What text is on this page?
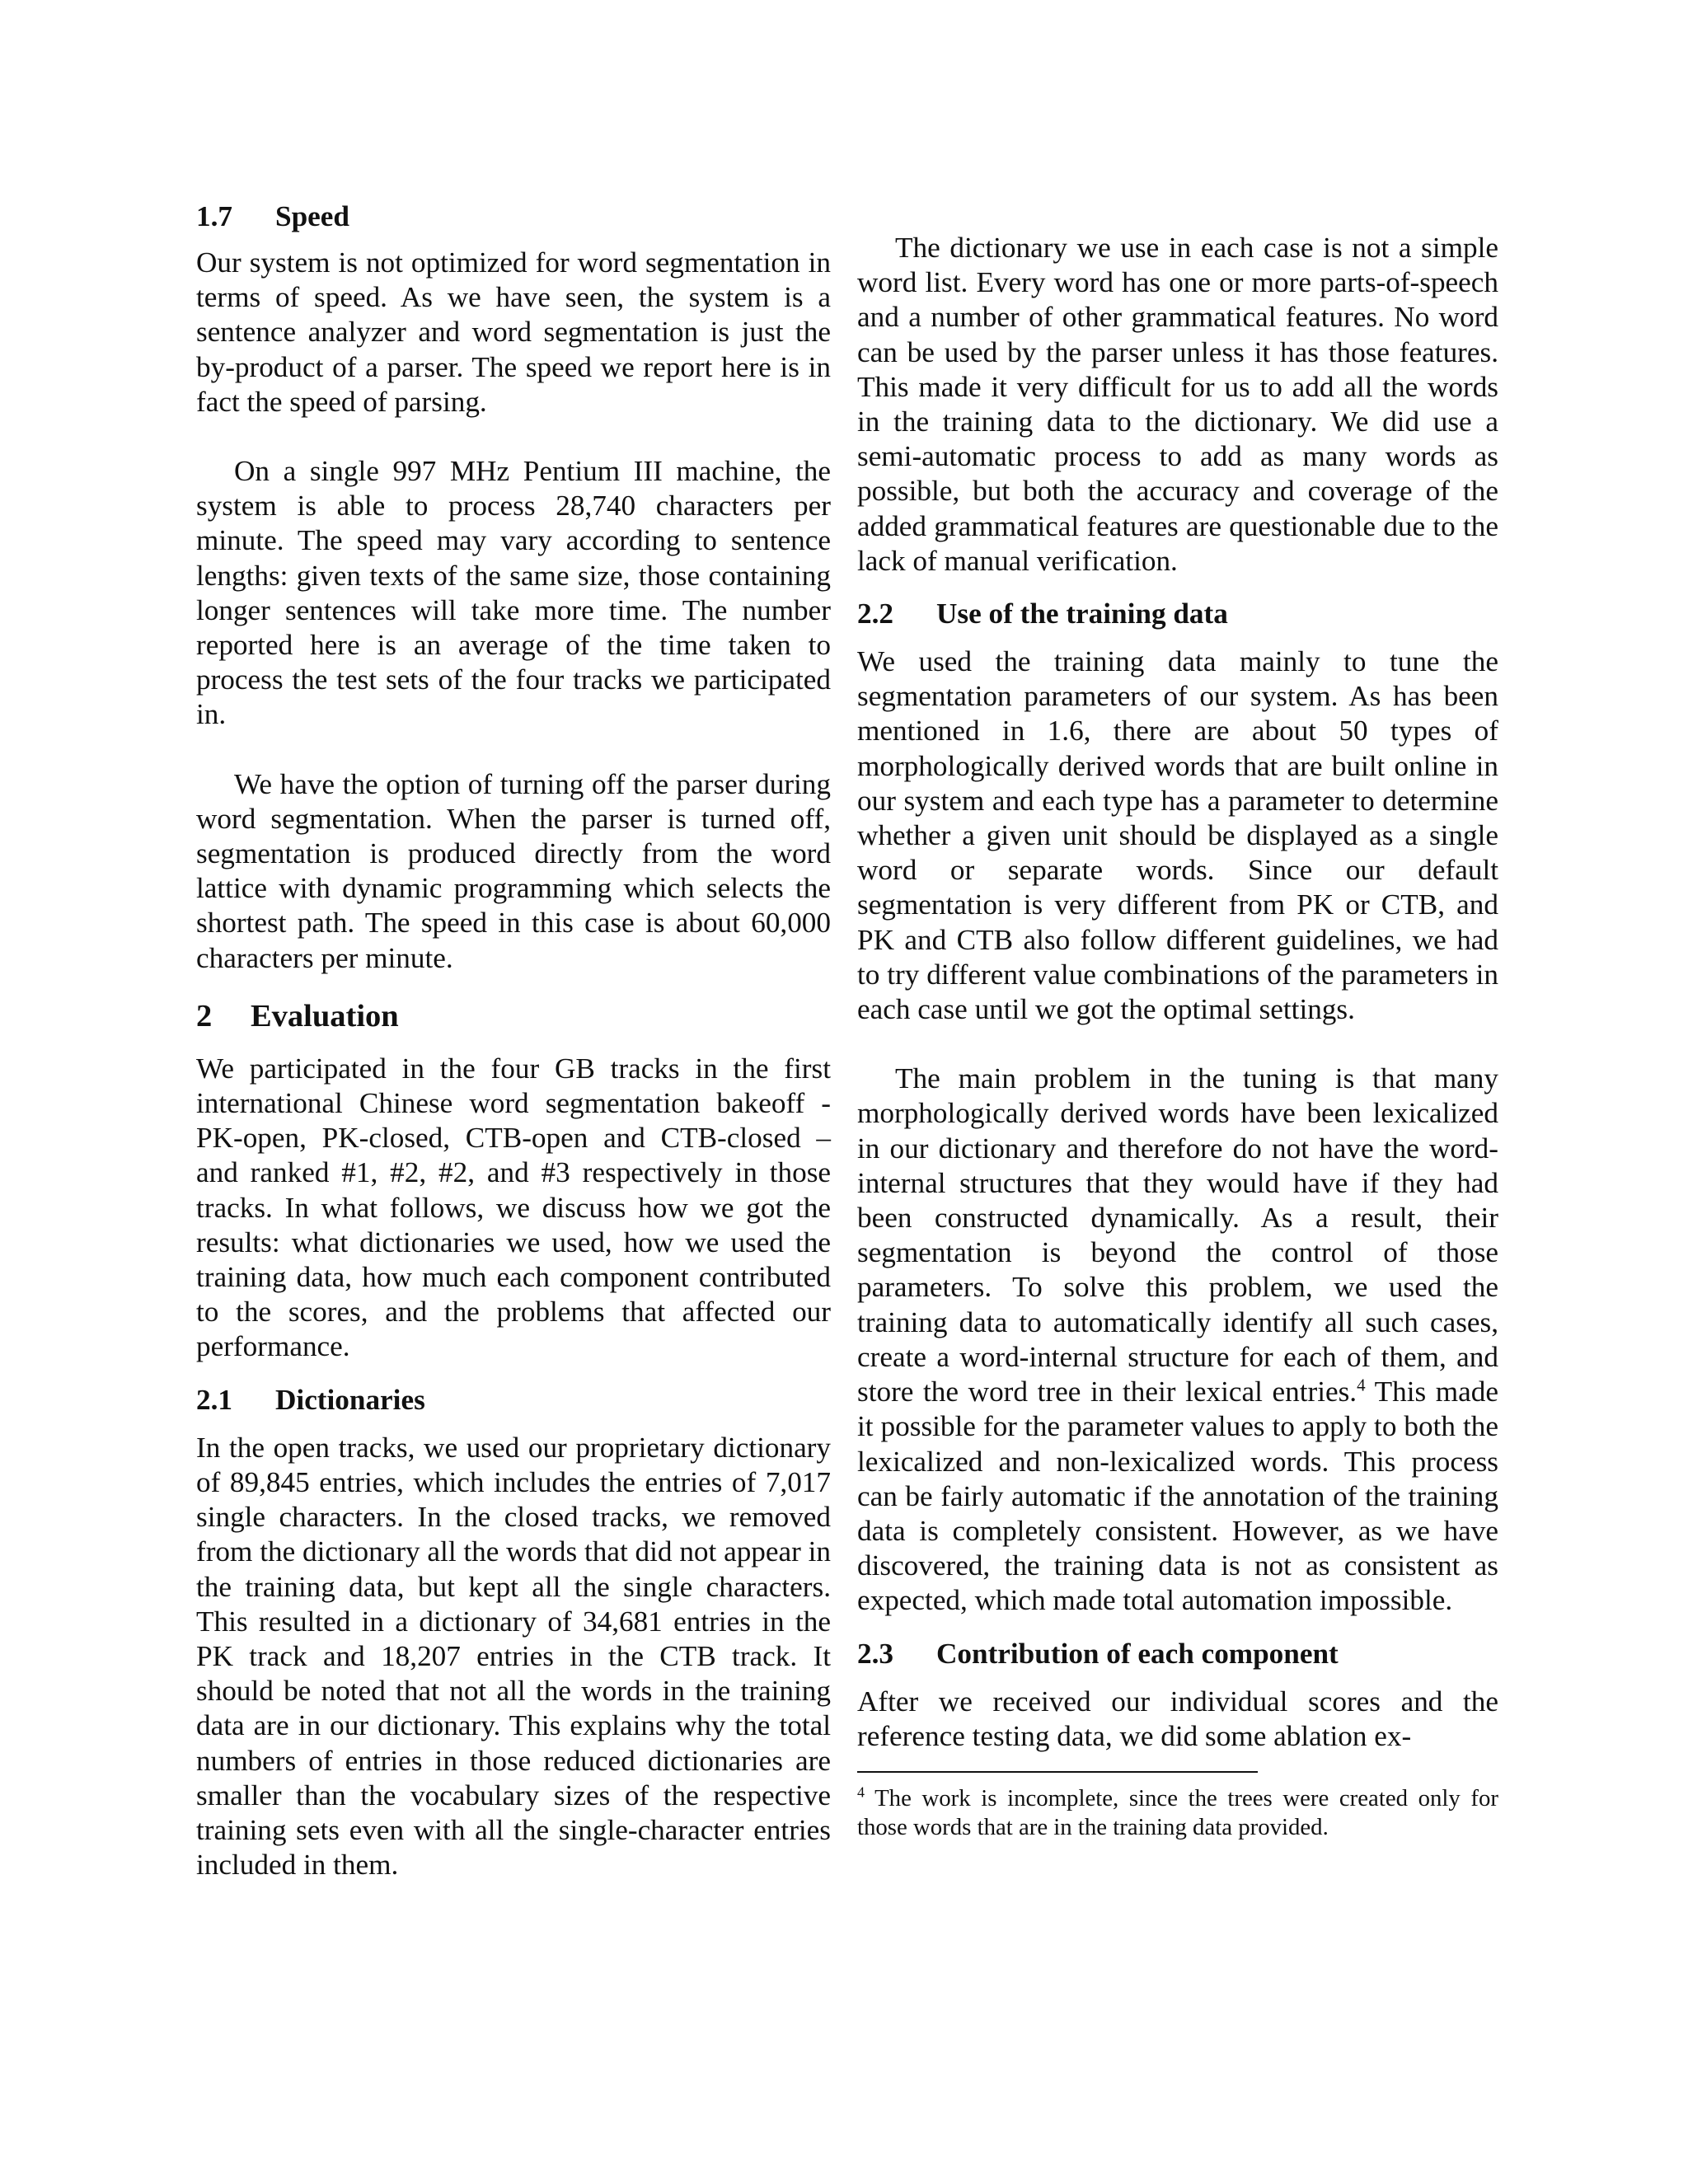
1.7 Speed

Our system is not optimized for word segmentation in terms of speed. As we have seen, the system is a sentence analyzer and word segmentation is just the by-product of a parser. The speed we report here is in fact the speed of parsing.

On a single 997 MHz Pentium III machine, the system is able to process 28,740 characters per minute. The speed may vary according to sentence lengths: given texts of the same size, those containing longer sentences will take more time. The number reported here is an average of the time taken to process the test sets of the four tracks we participated in.

We have the option of turning off the parser during word segmentation. When the parser is turned off, segmentation is produced directly from the word lattice with dynamic programming which selects the shortest path. The speed in this case is about 60,000 characters per minute.

2 Evaluation

We participated in the four GB tracks in the first international Chinese word segmentation bakeoff - PK-open, PK-closed, CTB-open and CTB-closed – and ranked #1, #2, #2, and #3 respectively in those tracks. In what follows, we discuss how we got the results: what dictionaries we used, how we used the training data, how much each component contributed to the scores, and the problems that affected our performance.

2.1 Dictionaries

In the open tracks, we used our proprietary dictionary of 89,845 entries, which includes the entries of 7,017 single characters. In the closed tracks, we removed from the dictionary all the words that did not appear in the training data, but kept all the single characters. This resulted in a dictionary of 34,681 entries in the PK track and 18,207 entries in the CTB track. It should be noted that not all the words in the training data are in our dictionary. This explains why the total numbers of entries in those reduced dictionaries are smaller than the vocabulary sizes of the respective training sets even with all the single-character entries included in them.

The dictionary we use in each case is not a simple word list. Every word has one or more parts-of-speech and a number of other grammatical features. No word can be used by the parser unless it has those features. This made it very difficult for us to add all the words in the training data to the dictionary. We did use a semi-automatic process to add as many words as possible, but both the accuracy and coverage of the added grammatical features are questionable due to the lack of manual verification.

2.2 Use of the training data

We used the training data mainly to tune the segmentation parameters of our system. As has been mentioned in 1.6, there are about 50 types of morphologically derived words that are built online in our system and each type has a parameter to determine whether a given unit should be displayed as a single word or separate words. Since our default segmentation is very different from PK or CTB, and PK and CTB also follow different guidelines, we had to try different value combinations of the parameters in each case until we got the optimal settings.

The main problem in the tuning is that many morphologically derived words have been lexicalized in our dictionary and therefore do not have the word-internal structures that they would have if they had been constructed dynamically. As a result, their segmentation is beyond the control of those parameters. To solve this problem, we used the training data to automatically identify all such cases, create a word-internal structure for each of them, and store the word tree in their lexical entries.$^4$ This made it possible for the parameter values to apply to both the lexicalized and non-lexicalized words. This process can be fairly automatic if the annotation of the training data is completely consistent. However, as we have discovered, the training data is not as consistent as expected, which made total automation impossible.

2.3 Contribution of each component

After we received our individual scores and the reference testing data, we did some ablation ex-

$^4$ The work is incomplete, since the trees were created only for those words that are in the training data provided.
